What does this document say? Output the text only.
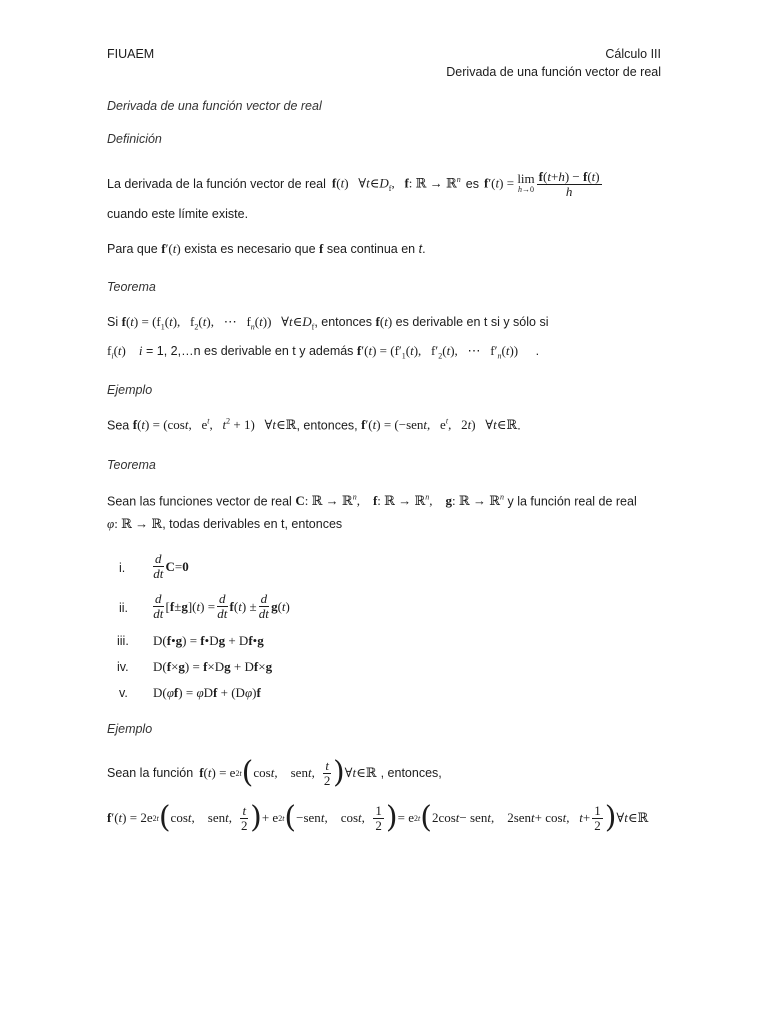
FIUAEM	Cálculo III
Derivada de una función vector de real
Derivada de una función vector de real
Definición
La derivada de la función vector de real f(t)   $\forall t\in D_f$,   f: ℝ → ℝ$^n$ es f′(t) = lim
$h\to 0 \frac{f(t+h) - f(t)}{h}$
cuando este límite existe.
Para que f′(t) exista es necesario que f sea continua en t.
Teorema
Si $f(t) = (f_1(t)$,   $f_2(t)$,   ⋯   $f_n(t)$)   $\forall t\in D_f$, entonces f(t) es derivable en t si y sólo si
$f_i(t)$    i = 1, 2,…n es derivable en t y además $f'(t) = (f'_1(t)$,   $f'_2(t)$,   ⋯   $f'_n(t)$) .
Ejemplo
Sea f(t) = (cost,   $e^t$,   $t^2 + 1$)   ∀t∈ℝ, entonces, f′(t) = (−sent,   $e^t$,   2t)   ∀t∈ℝ.
Teorema
Sean las funciones vector de real C: ℝ → ℝ$^n$,    f: ℝ → ℝ$^n$,    g: ℝ → ℝ$^n$ y la función real de real
φ: ℝ → ℝ, todas derivables en t, entonces
i.
d
dt C = 0
ii.
d
dt [ f ± g ]( t ) = d
dt f ( t ) ± d
dt g ( t )
iii. D(f•g) = f•Dg + Df•g
iv. D(f×g) = f×Dg + Df×g
v. D(φf) = φDf + (Dφ)f
Ejemplo
Sean la función f ( t ) = e 2t ( cos t ,    sen t , t
2 ) ∀ t ∈ℝ , entonces,
f ′( t ) = 2e 2t ( cos t ,    sen t , t
2 ) + e 2t ( −sen t ,    cos t , 1
2 ) = e 2t ( 2cos t − sen t ,    2sen t + cos t , t + 1
2 ) ∀ t ∈ℝ
